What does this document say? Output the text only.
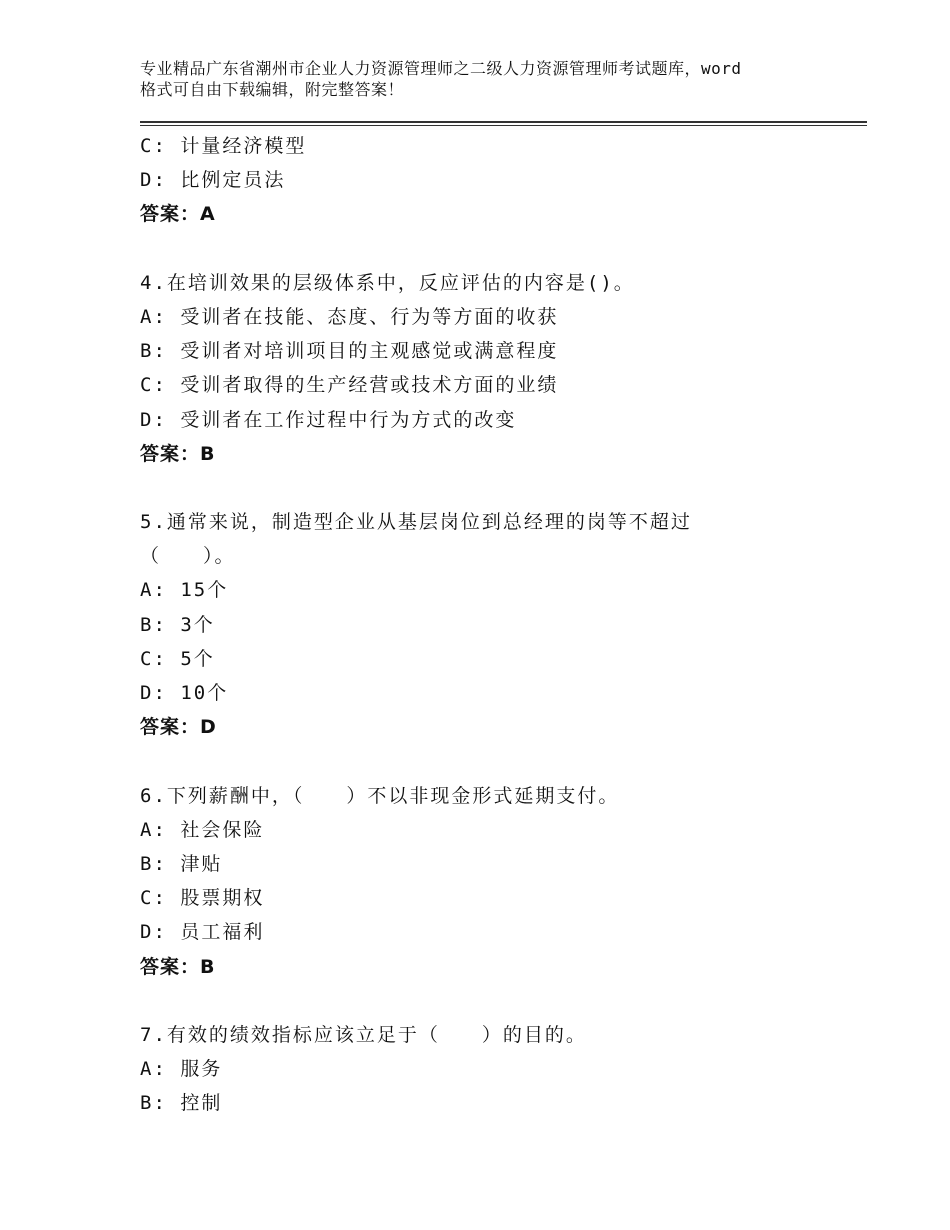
专业精品广东省潮州市企业人力资源管理师之二级人力资源管理师考试题库，word
格式可自由下载编辑，附完整答案！
C: 计量经济模型
D: 比例定员法
答案：A
4.在培训效果的层级体系中，反应评估的内容是()。
A: 受训者在技能、态度、行为等方面的收获
B: 受训者对培训项目的主观感觉或满意程度
C: 受训者取得的生产经营或技术方面的业绩
D: 受训者在工作过程中行为方式的改变
答案：B
5.通常来说，制造型企业从基层岗位到总经理的岗等不超过
（　　）。
A: 15个
B: 3个
C: 5个
D: 10个
答案：D
6.下列薪酬中，（　　）不以非现金形式延期支付。
A: 社会保险
B: 津贴
C: 股票期权
D: 员工福利
答案：B
7.有效的绩效指标应该立足于（　　）的目的。
A: 服务
B: 控制
